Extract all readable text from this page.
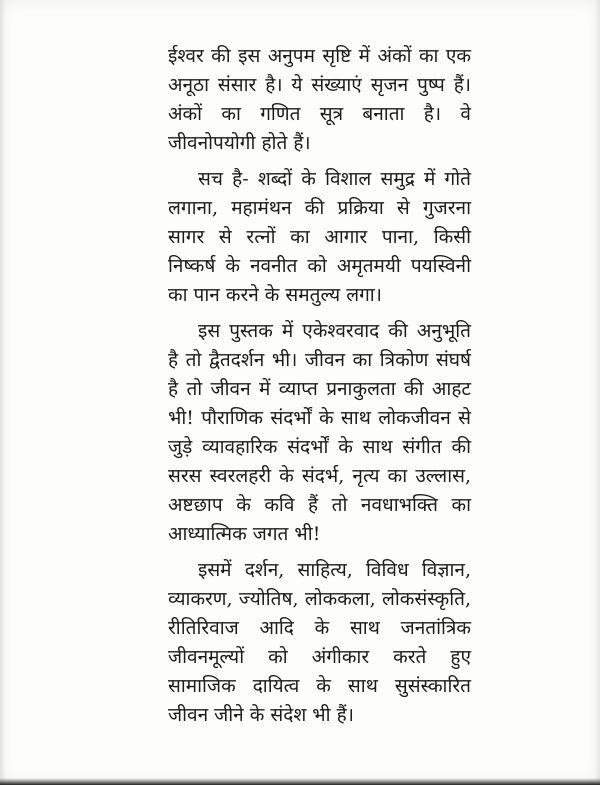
ईश्वर की इस अनुपम सृष्टि में अंकों का एक अनूठा संसार है। ये संख्याएं सृजन पुष्प हैं। अंकों का गणित सूत्र बनाता है। वे जीवनोपयोगी होते हैं।

सच है- शब्दों के विशाल समुद्र में गोते लगाना, महामंथन की प्रक्रिया से गुजरना सागर से रत्नों का आगार पाना, किसी निष्कर्ष के नवनीत को अमृतमयी पयस्विनी का पान करने के समतुल्य लगा।

इस पुस्तक में एकेश्वरवाद की अनुभूति है तो द्वैतदर्शन भी। जीवन का त्रिकोण संघर्ष है तो जीवन में व्याप्त प्रनाकुलता की आहट भी! पौराणिक संदर्भों के साथ लोकजीवन से जुड़े व्यावहारिक संदर्भों के साथ संगीत की सरस स्वरलहरी के संदर्भ, नृत्य का उल्लास, अष्टछाप के कवि हैं तो नवधाभक्ति का आध्यात्मिक जगत भी!

इसमें दर्शन, साहित्य, विविध विज्ञान, व्याकरण, ज्योतिष, लोककला, लोकसंस्कृति, रीतिरिवाज आदि के साथ जनतांत्रिक जीवनमूल्यों को अंगीकार करते हुए सामाजिक दायित्व के साथ सुसंस्कारित जीवन जीने के संदेश भी हैं।
